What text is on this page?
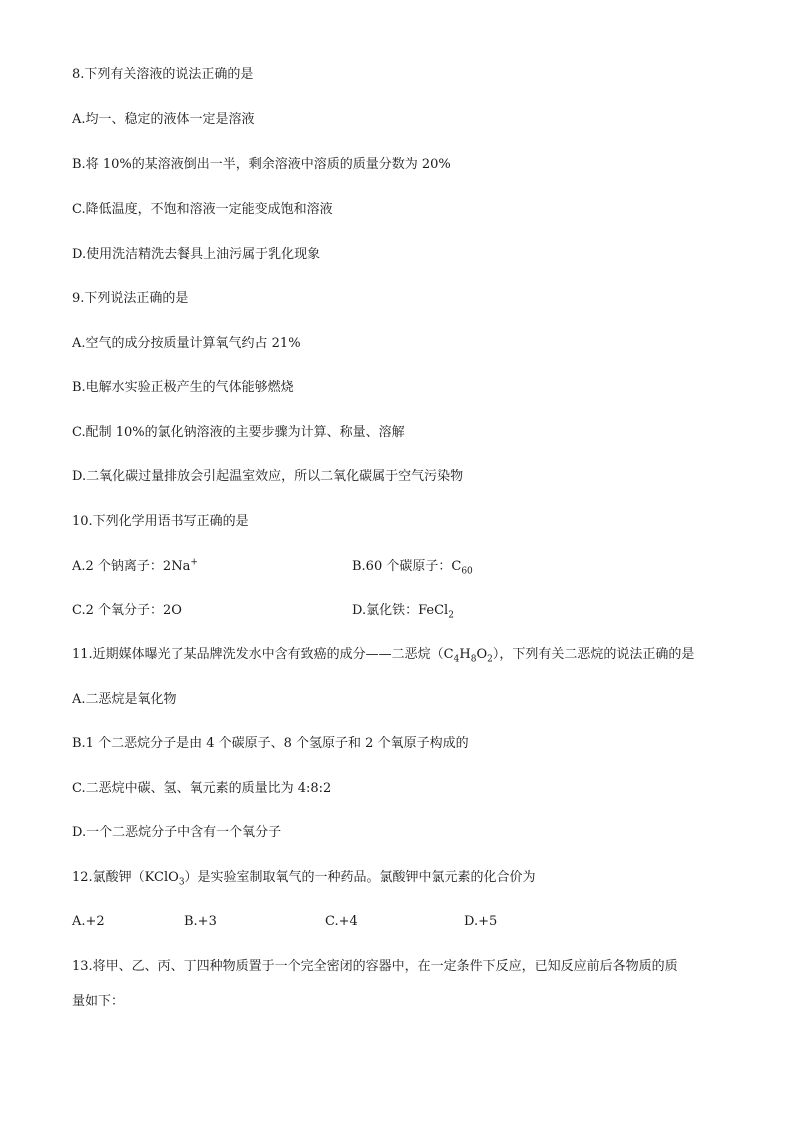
8.下列有关溶液的说法正确的是
A.均一、稳定的液体一定是溶液
B.将 10%的某溶液倒出一半，剩余溶液中溶质的质量分数为 20%
C.降低温度，不饱和溶液一定能变成饱和溶液
D.使用洗洁精洗去餐具上油污属于乳化现象
9.下列说法正确的是
A.空气的成分按质量计算氧气约占 21%
B.电解水实验正极产生的气体能够燃烧
C.配制 10%的氯化钠溶液的主要步骤为计算、称量、溶解
D.二氧化碳过量排放会引起温室效应，所以二氧化碳属于空气污染物
10.下列化学用语书写正确的是
A.2 个钠离子：2Na+	B.60 个碳原子：$C_{60}$
C.2 个氧分子：2O	D.氯化铁：FeCl$_2$
11.近期媒体曝光了某品牌洗发水中含有致癌的成分——二恶烷$(C_4H_8O_2)$，下列有关二恶烷的说法正确的是
A.二恶烷是氧化物
B.1 个二恶烷分子是由 4 个碳原子、8 个氢原子和 2 个氧原子构成的
C.二恶烷中碳、氢、氧元素的质量比为 4:8:2
D.一个二恶烷分子中含有一个氧分子
12.氯酸钾（KClO$_3$）是实验室制取氧气的一种药品。氯酸钾中氯元素的化合价为
A.+2	B.+3	C.+4	D.+5
13.将甲、乙、丙、丁四种物质置于一个完全密闭的容器中，在一定条件下反应，已知反应前后各物质的质
量如下：
